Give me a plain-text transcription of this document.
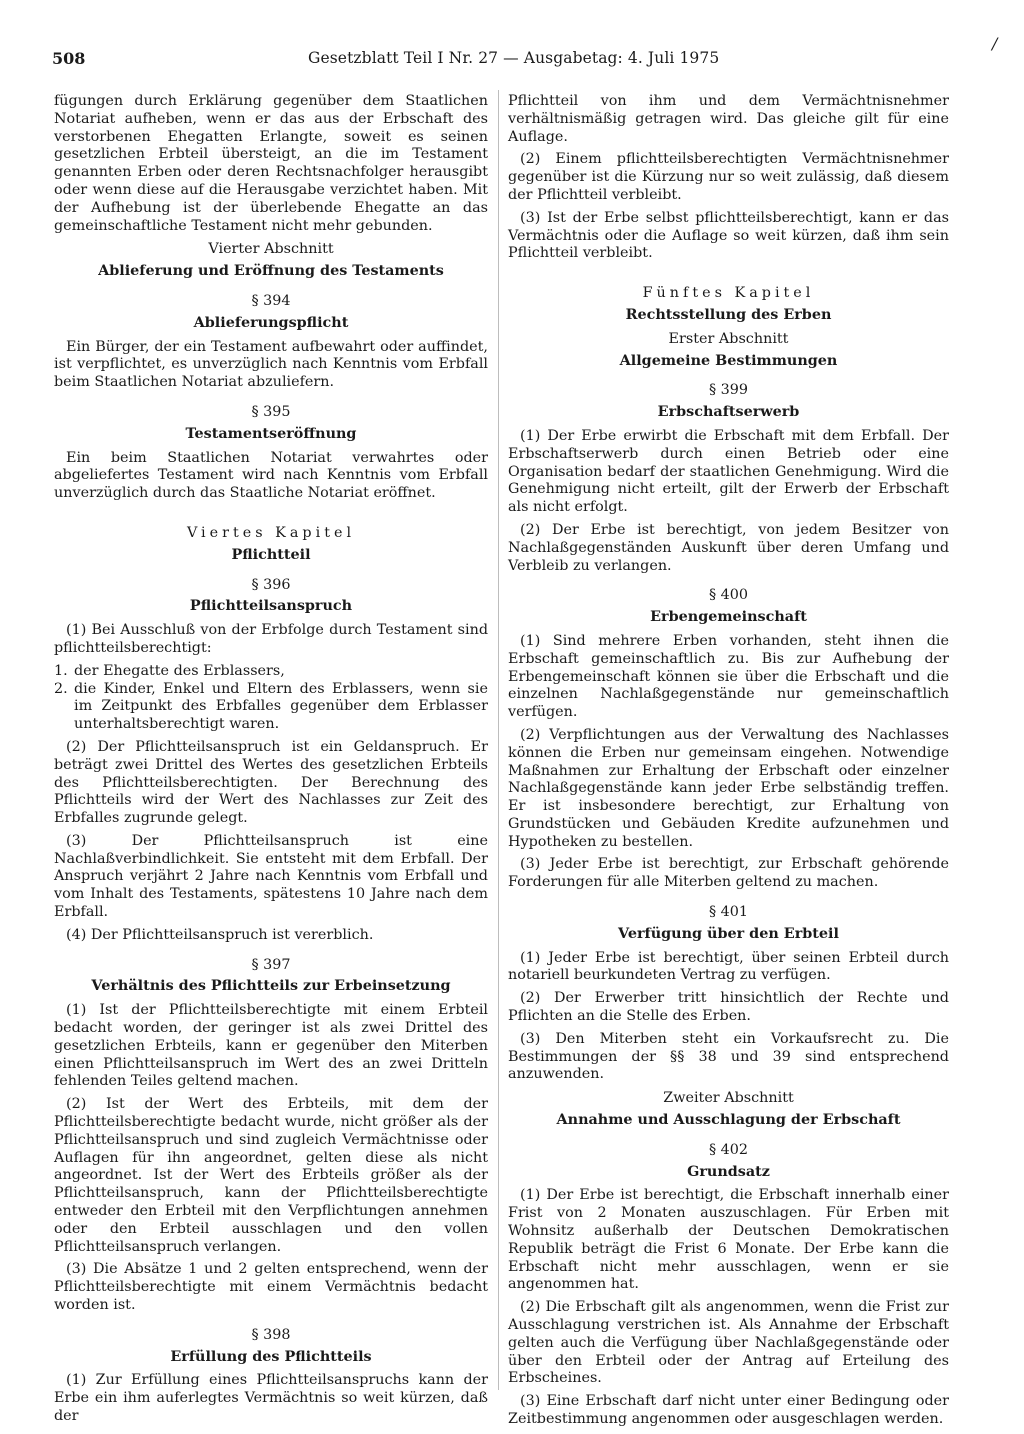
508	Gesetzblatt Teil I Nr. 27 — Ausgabetag: 4. Juli 1975
/

fügungen durch Erklärung gegenüber dem Staatlichen Notariat aufheben, wenn er das aus der Erbschaft des verstorbenen Ehegatten Erlangte, soweit es seinen gesetzlichen Erbteil übersteigt, an die im Testament genannten Erben oder deren Rechtsnachfolger herausgibt oder wenn diese auf die Herausgabe verzichtet haben. Mit der Aufhebung ist der überlebende Ehegatte an das gemeinschaftliche Testament nicht mehr gebunden.

Vierter Abschnitt

Ablieferung und Eröffnung des Testaments

§ 394

Ablieferungspflicht

Ein Bürger, der ein Testament aufbewahrt oder auffindet, ist verpflichtet, es unverzüglich nach Kenntnis vom Erbfall beim Staatlichen Notariat abzuliefern.

§ 395

Testamentseröffnung

Ein beim Staatlichen Notariat verwahrtes oder abgeliefertes Testament wird nach Kenntnis vom Erbfall unverzüglich durch das Staatliche Notariat eröffnet.

Viertes Kapitel

Pflichtteil

§ 396

Pflichtteilsanspruch

(1) Bei Ausschluß von der Erbfolge durch Testament sind pflichtteilsberechtigt:

1. der Ehegatte des Erblassers,

2. die Kinder, Enkel und Eltern des Erblassers, wenn sie im Zeitpunkt des Erbfalles gegenüber dem Erblasser unterhaltsberechtigt waren.

(2) Der Pflichtteilsanspruch ist ein Geldanspruch. Er beträgt zwei Drittel des Wertes des gesetzlichen Erbteils des Pflichtteilsberechtigten. Der Berechnung des Pflichtteils wird der Wert des Nachlasses zur Zeit des Erbfalles zugrunde gelegt.

(3) Der Pflichtteilsanspruch ist eine Nachlaßverbindlichkeit. Sie entsteht mit dem Erbfall. Der Anspruch verjährt 2 Jahre nach Kenntnis vom Erbfall und vom Inhalt des Testaments, spätestens 10 Jahre nach dem Erbfall.

(4) Der Pflichtteilsanspruch ist vererblich.

§ 397

Verhältnis des Pflichtteils zur Erbeinsetzung

(1) Ist der Pflichtteilsberechtigte mit einem Erbteil bedacht worden, der geringer ist als zwei Drittel des gesetzlichen Erbteils, kann er gegenüber den Miterben einen Pflichtteilsanspruch im Wert des an zwei Dritteln fehlenden Teiles geltend machen.

(2) Ist der Wert des Erbteils, mit dem der Pflichtteilsberechtigte bedacht wurde, nicht größer als der Pflichtteilsanspruch und sind zugleich Vermächtnisse oder Auflagen für ihn angeordnet, gelten diese als nicht angeordnet. Ist der Wert des Erbteils größer als der Pflichtteilsanspruch, kann der Pflichtteilsberechtigte entweder den Erbteil mit den Verpflichtungen annehmen oder den Erbteil ausschlagen und den vollen Pflichtteilsanspruch verlangen.

(3) Die Absätze 1 und 2 gelten entsprechend, wenn der Pflichtteilsberechtigte mit einem Vermächtnis bedacht worden ist.

§ 398

Erfüllung des Pflichtteils

(1) Zur Erfüllung eines Pflichtteilsanspruchs kann der Erbe ein ihm auferlegtes Vermächtnis so weit kürzen, daß der

Pflichtteil von ihm und dem Vermächtnisnehmer verhältnismäßig getragen wird. Das gleiche gilt für eine Auflage.

(2) Einem pflichtteilsberechtigten Vermächtnisnehmer gegenüber ist die Kürzung nur so weit zulässig, daß diesem der Pflichtteil verbleibt.

(3) Ist der Erbe selbst pflichtteilsberechtigt, kann er das Vermächtnis oder die Auflage so weit kürzen, daß ihm sein Pflichtteil verbleibt.

Fünftes Kapitel

Rechtsstellung des Erben

Erster Abschnitt

Allgemeine Bestimmungen

§ 399

Erbschaftserwerb

(1) Der Erbe erwirbt die Erbschaft mit dem Erbfall. Der Erbschaftserwerb durch einen Betrieb oder eine Organisation bedarf der staatlichen Genehmigung. Wird die Genehmigung nicht erteilt, gilt der Erwerb der Erbschaft als nicht erfolgt.

(2) Der Erbe ist berechtigt, von jedem Besitzer von Nachlaßgegenständen Auskunft über deren Umfang und Verbleib zu verlangen.

§ 400

Erbengemeinschaft

(1) Sind mehrere Erben vorhanden, steht ihnen die Erbschaft gemeinschaftlich zu. Bis zur Aufhebung der Erbengemeinschaft können sie über die Erbschaft und die einzelnen Nachlaßgegenstände nur gemeinschaftlich verfügen.

(2) Verpflichtungen aus der Verwaltung des Nachlasses können die Erben nur gemeinsam eingehen. Notwendige Maßnahmen zur Erhaltung der Erbschaft oder einzelner Nachlaßgegenstände kann jeder Erbe selbständig treffen. Er ist insbesondere berechtigt, zur Erhaltung von Grundstücken und Gebäuden Kredite aufzunehmen und Hypotheken zu bestellen.

(3) Jeder Erbe ist berechtigt, zur Erbschaft gehörende Forderungen für alle Miterben geltend zu machen.

§ 401

Verfügung über den Erbteil

(1) Jeder Erbe ist berechtigt, über seinen Erbteil durch notariell beurkundeten Vertrag zu verfügen.

(2) Der Erwerber tritt hinsichtlich der Rechte und Pflichten an die Stelle des Erben.

(3) Den Miterben steht ein Vorkaufsrecht zu. Die Bestimmungen der §§ 38 und 39 sind entsprechend anzuwenden.

Zweiter Abschnitt

Annahme und Ausschlagung der Erbschaft

§ 402

Grundsatz

(1) Der Erbe ist berechtigt, die Erbschaft innerhalb einer Frist von 2 Monaten auszuschlagen. Für Erben mit Wohnsitz außerhalb der Deutschen Demokratischen Republik beträgt die Frist 6 Monate. Der Erbe kann die Erbschaft nicht mehr ausschlagen, wenn er sie angenommen hat.

(2) Die Erbschaft gilt als angenommen, wenn die Frist zur Ausschlagung verstrichen ist. Als Annahme der Erbschaft gelten auch die Verfügung über Nachlaßgegenstände oder über den Erbteil oder der Antrag auf Erteilung des Erbscheines.

(3) Eine Erbschaft darf nicht unter einer Bedingung oder Zeitbestimmung angenommen oder ausgeschlagen werden.
